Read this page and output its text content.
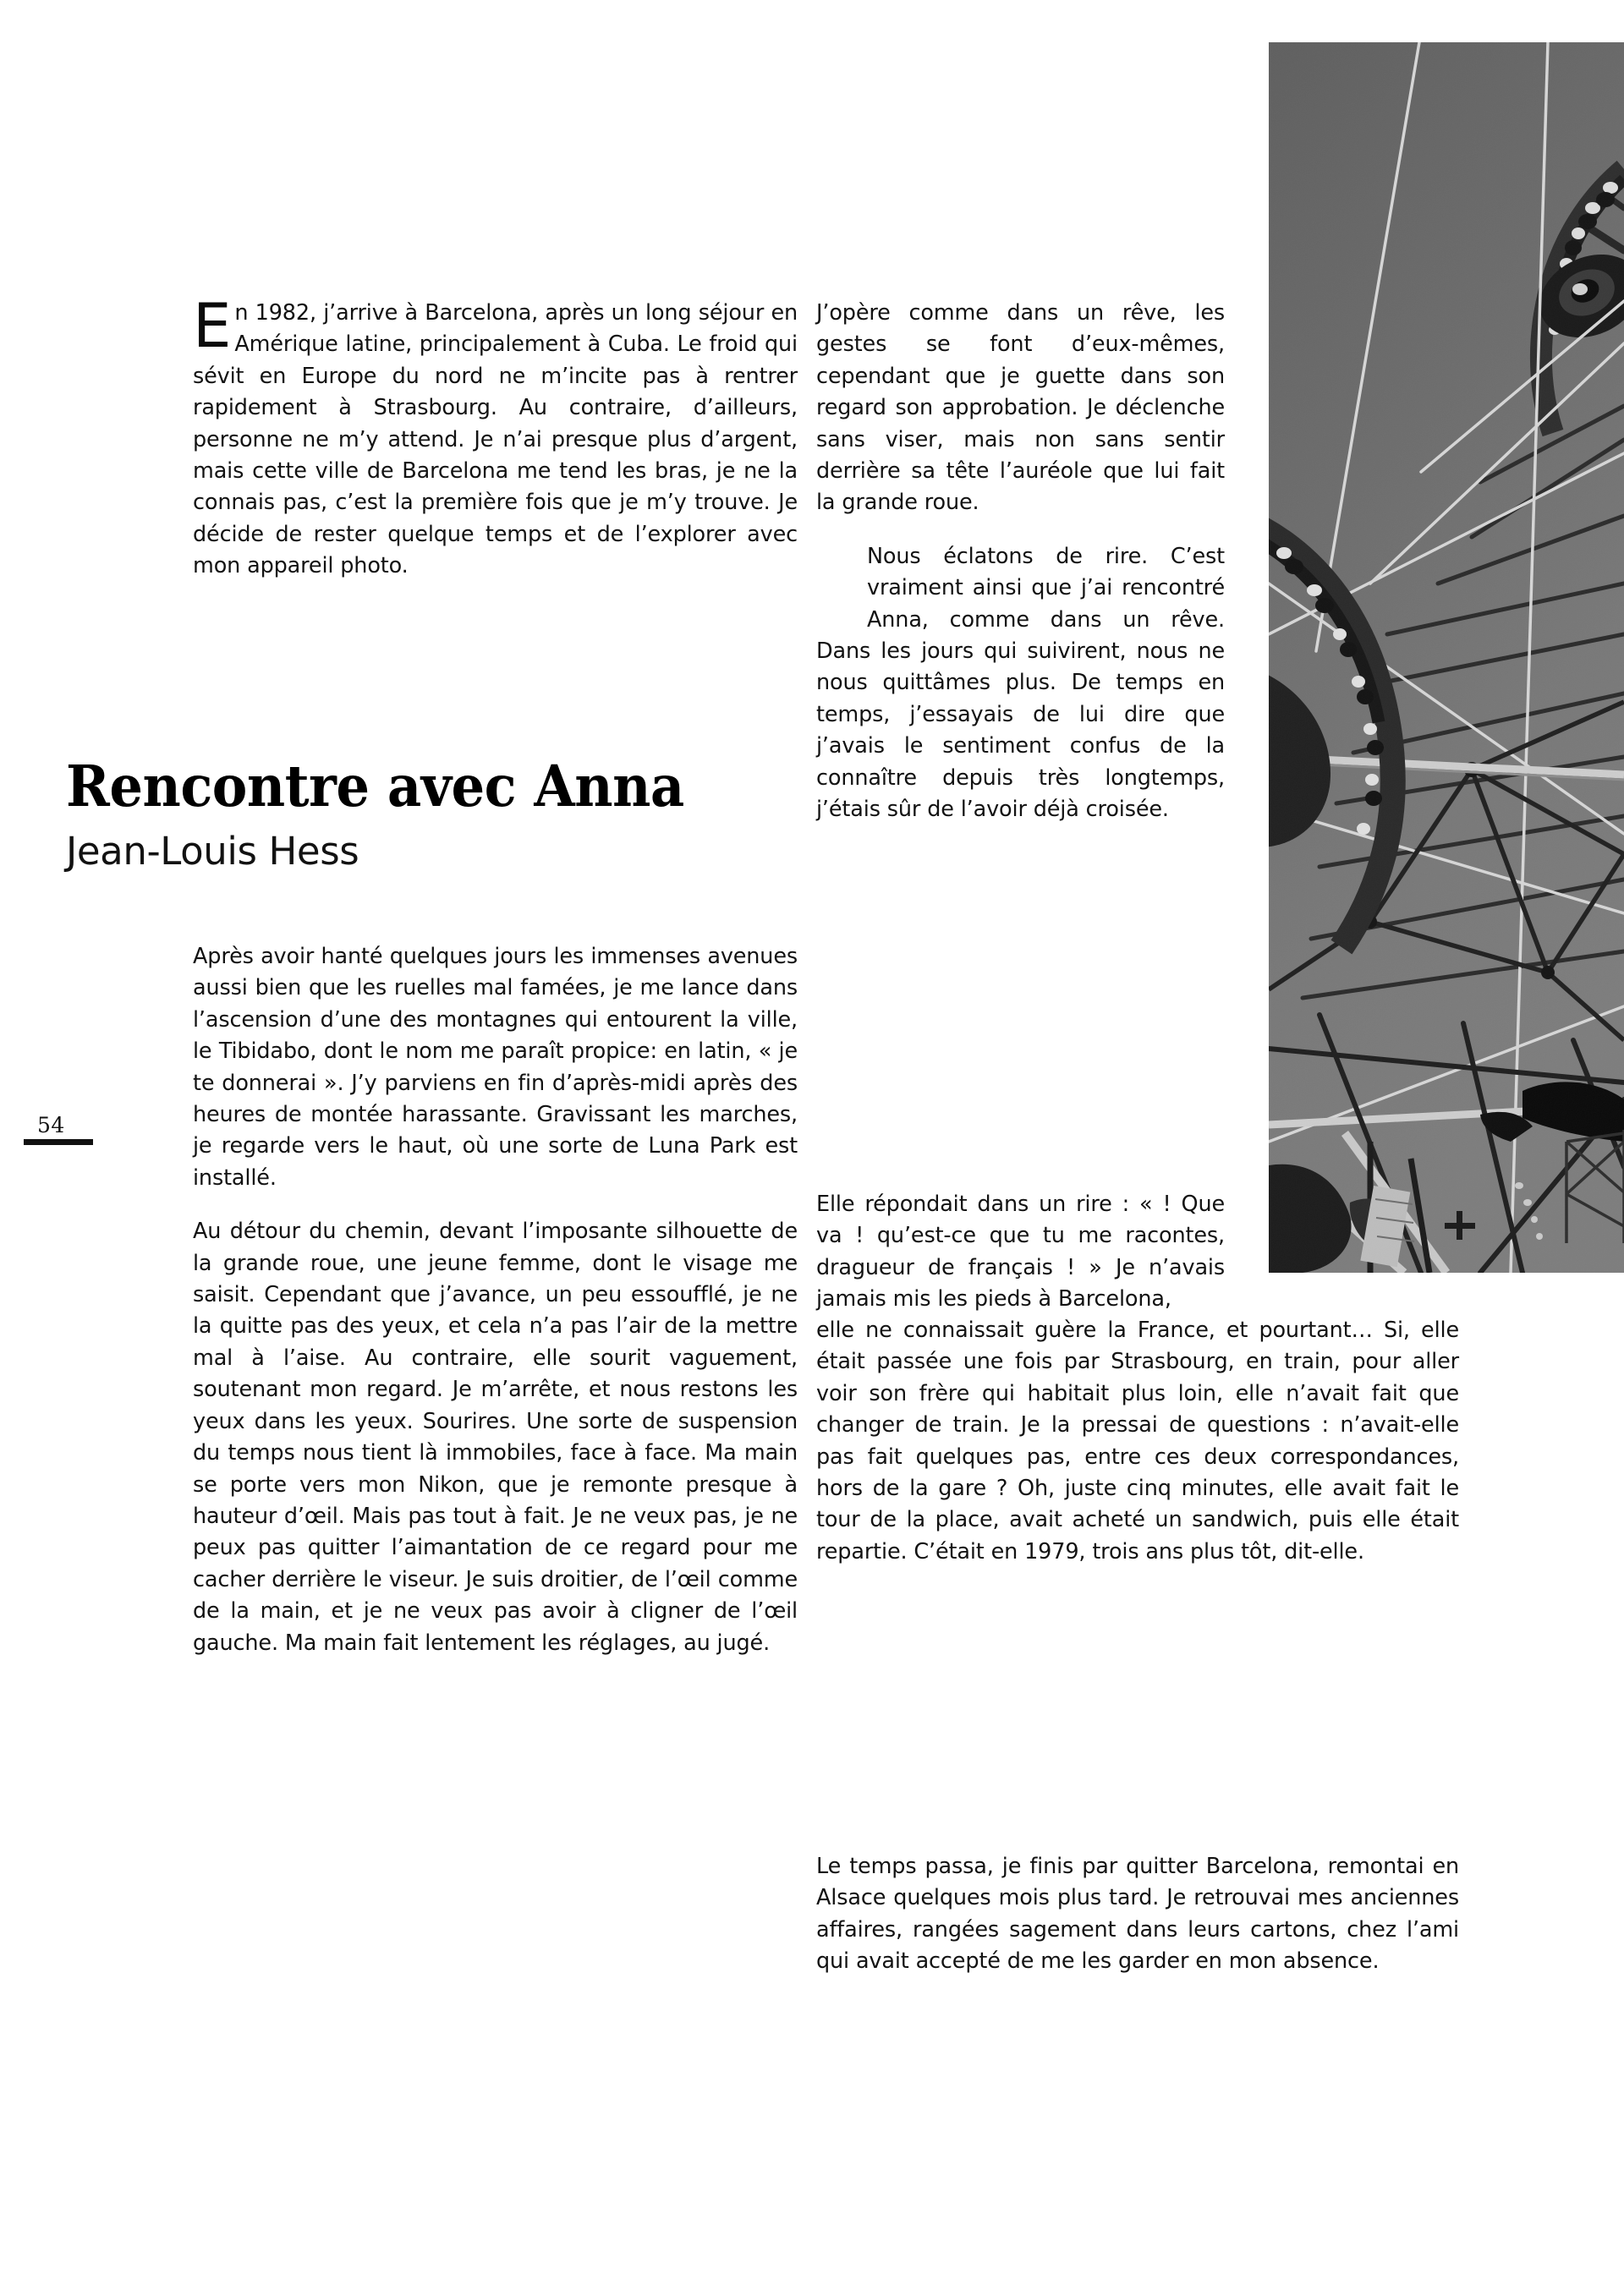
54

En 1982, j’arrive à Barcelona, après un long séjour en Amérique latine, principalement à Cuba. Le froid qui sévit en Europe du nord ne m’incite pas à rentrer rapidement à Strasbourg. Au contraire, d’ailleurs, personne ne m’y attend. Je n’ai presque plus d’argent, mais cette ville de Barcelona me tend les bras, je ne la connais pas, c’est la première fois que je m’y trouve. Je décide de rester quelque temps et de l’explorer avec mon appareil photo.

Rencontre avec Anna
Jean-Louis Hess

Après avoir hanté quelques jours les immenses avenues aussi bien que les ruelles mal famées, je me lance dans l’ascension d’une des montagnes qui entourent la ville, le Tibidabo, dont le nom me paraît propice: en latin, « je te donnerai ». J’y parviens en fin d’après-midi après des heures de montée harassante. Gravissant les marches, je regarde vers le haut, où une sorte de Luna Park est installé.

Au détour du chemin, devant l’imposante silhouette de la grande roue, une jeune femme, dont le visage me saisit. Cependant que j’avance, un peu essoufflé, je ne la quitte pas des yeux, et cela n’a pas l’air de la mettre mal à l’aise. Au contraire, elle sourit vaguement, soutenant mon regard. Je m’arrête, et nous restons les yeux dans les yeux. Sourires. Une sorte de suspension du temps nous tient là immobiles, face à face. Ma main se porte vers mon Nikon, que je remonte presque à hauteur d’œil. Mais pas tout à fait. Je ne veux pas, je ne peux pas quitter l’aimantation de ce regard pour me cacher derrière le viseur. Je suis droitier, de l’œil comme de la main, et je ne veux pas avoir à cligner de l’œil gauche. Ma main fait lentement les réglages, au jugé.

J’opère comme dans un rêve, les gestes se font d’eux-mêmes, cependant que je guette dans son regard son approbation. Je déclenche sans viser, mais non sans sentir derrière sa tête l’auréole que lui fait la grande roue.

Nous éclatons de rire. C’est vraiment ainsi que j’ai rencontré Anna, comme dans un rêve. Dans les jours qui suivirent, nous ne nous quittâmes plus. De temps en temps, j’essayais de lui dire que j’avais le sentiment confus de la connaître depuis très longtemps, j’étais sûr de l’avoir déjà croisée.

Elle répondait dans un rire : « ! Que va ! qu’est-ce que tu me racontes, dragueur de français ! » Je n’avais jamais mis les pieds à Barcelona,

elle ne connaissait guère la France, et pourtant… Si, elle était passée une fois par Strasbourg, en train, pour aller voir son frère qui habitait plus loin, elle n’avait fait que changer de train. Je la pressai de questions : n’avait-elle pas fait quelques pas, entre ces deux correspondances, hors de la gare ? Oh, juste cinq minutes, elle avait fait le tour de la place, avait acheté un sandwich, puis elle était repartie. C’était en 1979, trois ans plus tôt, dit-elle.

Le temps passa, je finis par quitter Barcelona, remontai en Alsace quelques mois plus tard. Je retrouvai mes anciennes affaires, rangées sagement dans leurs cartons, chez l’ami qui avait accepté de me les garder en mon absence.
